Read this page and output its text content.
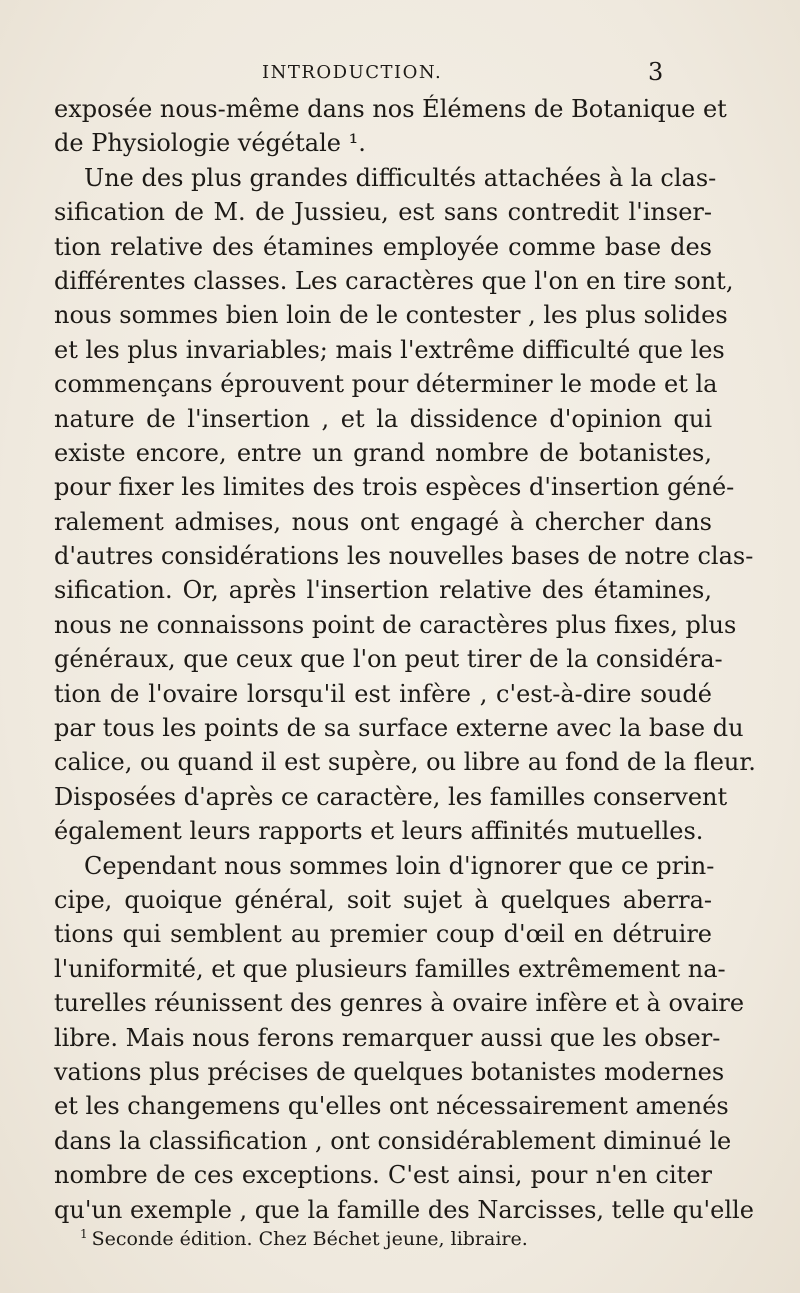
INTRODUCTION.	3
exposée nous-même dans nos Élémens de Botanique et
de Physiologie végétale ¹.
Une des plus grandes difficultés attachées à la clas-
sification de M. de Jussieu, est sans contredit l'inser-
tion relative des étamines employée comme base des
différentes classes. Les caractères que l'on en tire sont,
nous sommes bien loin de le contester , les plus solides
et les plus invariables; mais l'extrême difficulté que les
commençans éprouvent pour déterminer le mode et la
nature de l'insertion , et la dissidence d'opinion qui
existe encore, entre un grand nombre de botanistes,
pour fixer les limites des trois espèces d'insertion géné-
ralement admises, nous ont engagé à chercher dans
d'autres considérations les nouvelles bases de notre clas-
sification. Or, après l'insertion relative des étamines,
nous ne connaissons point de caractères plus fixes, plus
généraux, que ceux que l'on peut tirer de la considéra-
tion de l'ovaire lorsqu'il est infère , c'est-à-dire soudé
par tous les points de sa surface externe avec la base du
calice, ou quand il est supère, ou libre au fond de la fleur.
Disposées d'après ce caractère, les familles conservent
également leurs rapports et leurs affinités mutuelles.
Cependant nous sommes loin d'ignorer que ce prin-
cipe, quoique général, soit sujet à quelques aberra-
tions qui semblent au premier coup d'œil en détruire
l'uniformité, et que plusieurs familles extrêmement na-
turelles réunissent des genres à ovaire infère et à ovaire
libre. Mais nous ferons remarquer aussi que les obser-
vations plus précises de quelques botanistes modernes
et les changemens qu'elles ont nécessairement amenés
dans la classification , ont considérablement diminué le
nombre de ces exceptions. C'est ainsi, pour n'en citer
qu'un exemple , que la famille des Narcisses, telle qu'elle
$^1$ Seconde édition. Chez Béchet jeune, libraire.
